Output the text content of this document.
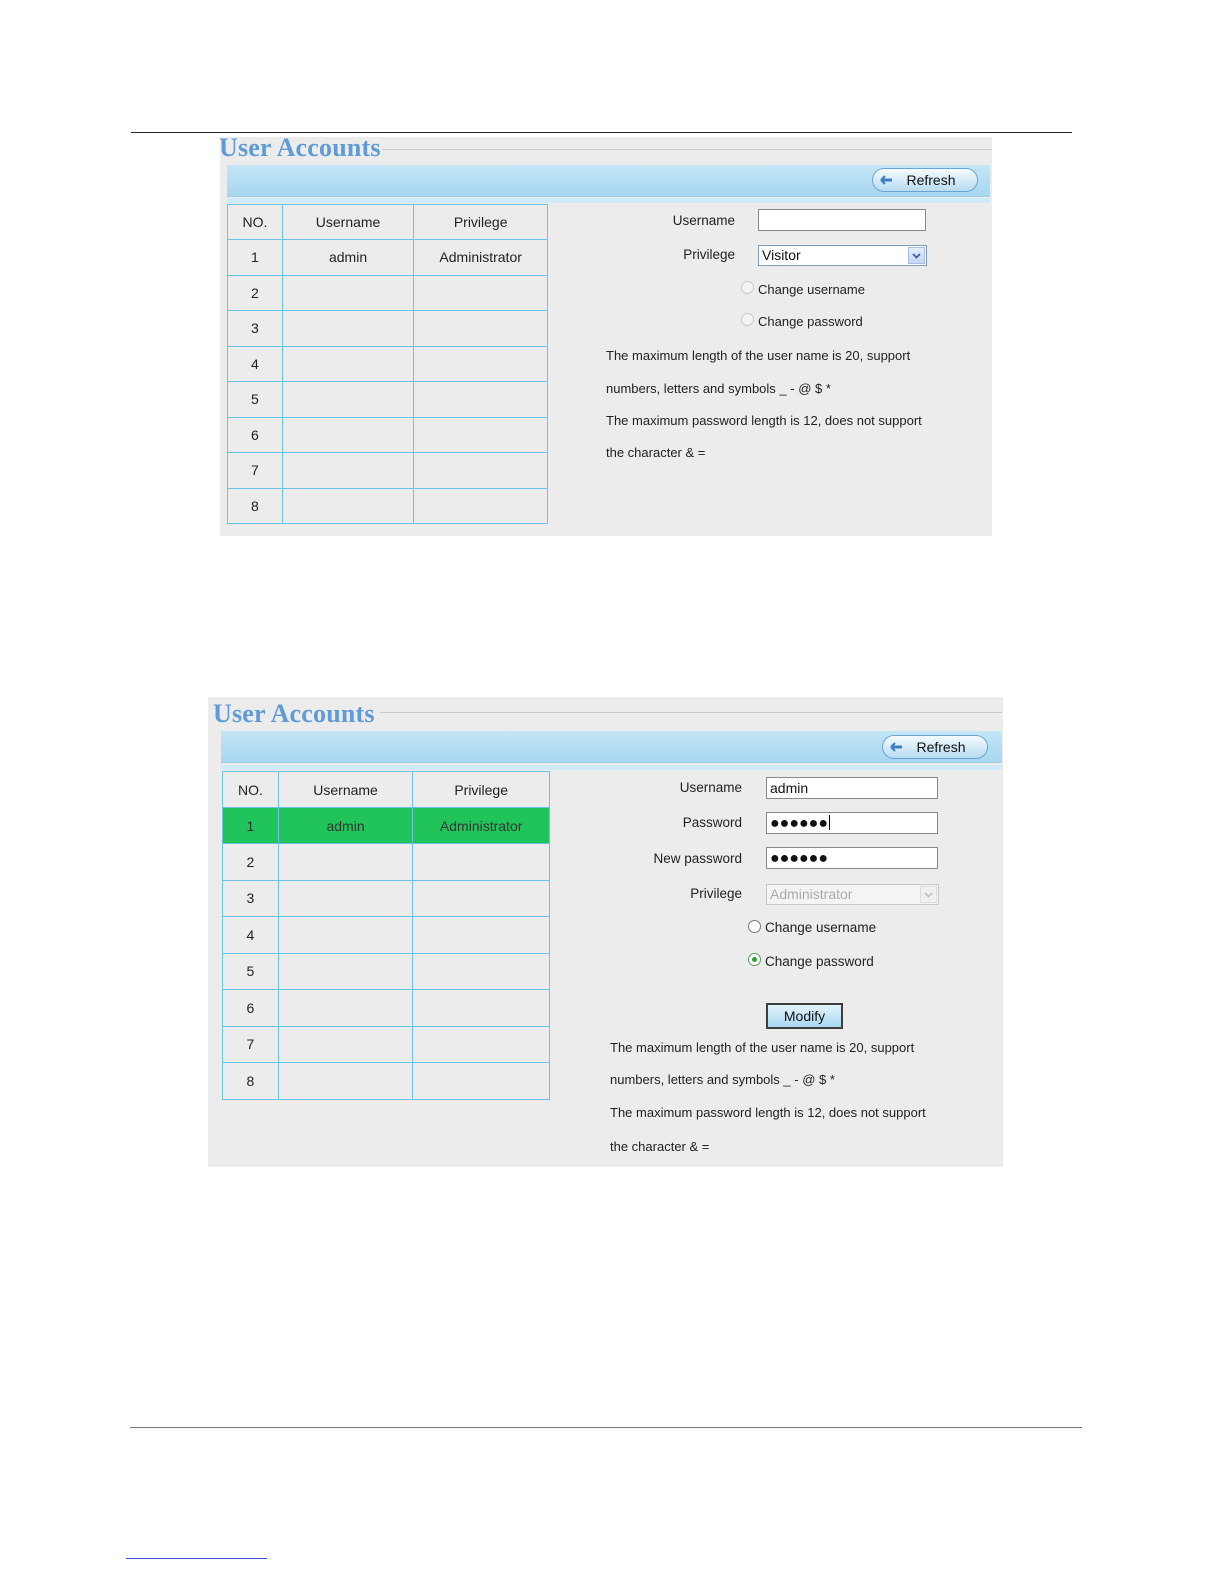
User Accounts
Refresh
NO.	Username	Privilege
1	admin	Administrator
2		
3		
4		
5		
6		
7		
8		
Username
Privilege Visitor
Change username
Change password
The maximum length of the user name is 20, support
numbers, letters and symbols _ - @ $ *
The maximum password length is 12, does not support
the character & =
User Accounts
Refresh
NO.	Username	Privilege
1	admin	Administrator
2		
3		
4		
5		
6		
7		
8		
Username admin
Password ●●●●●●
New password ●●●●●●
Privilege Administrator
Change username
Change password
Modify
The maximum length of the user name is 20, support
numbers, letters and symbols _ - @ $ *
The maximum password length is 12, does not support
the character & =
